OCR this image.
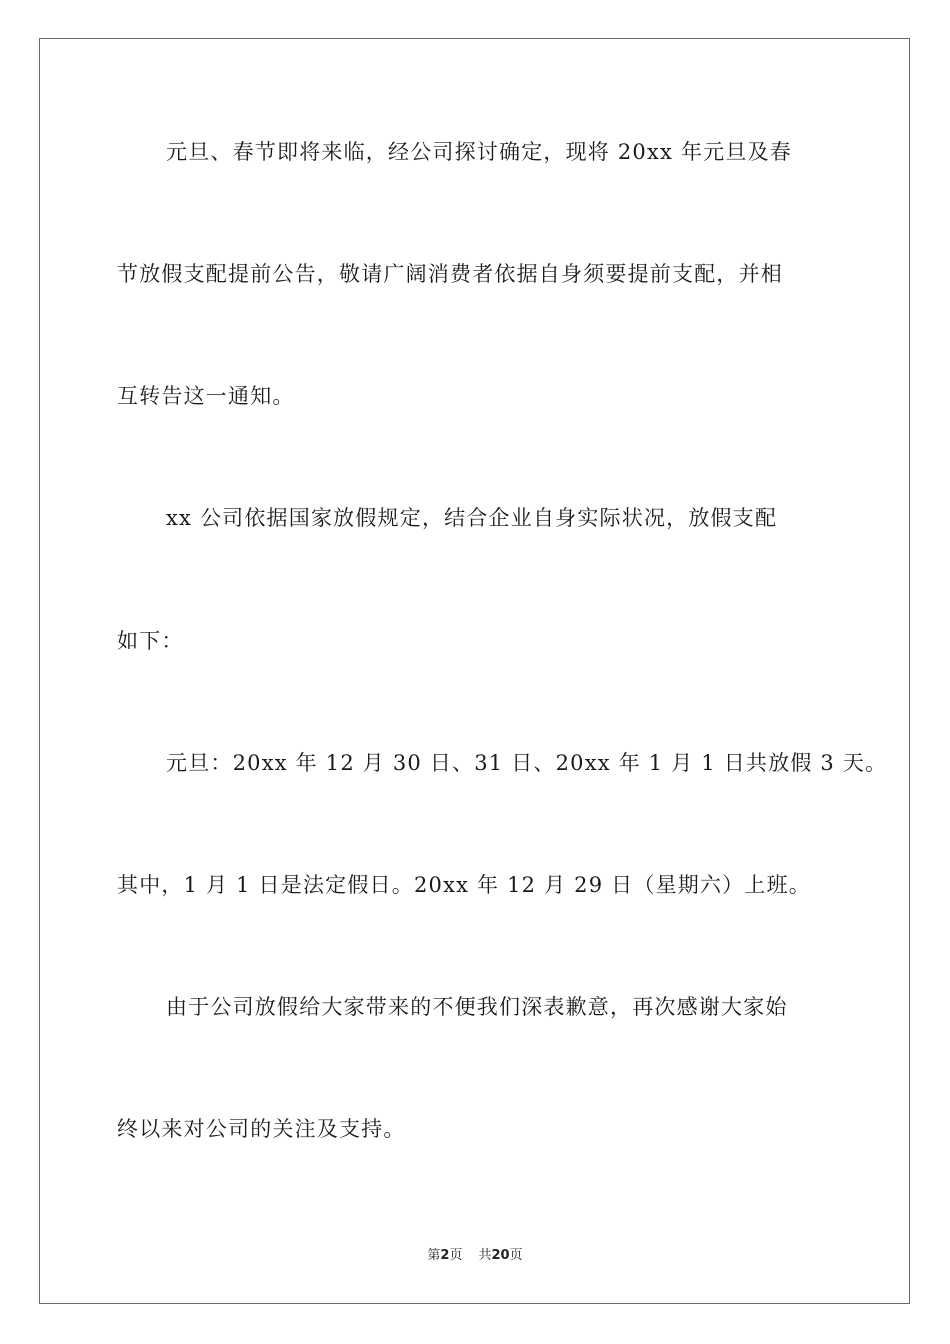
元旦、春节即将来临，经公司探讨确定，现将 20xx 年元旦及春
节放假支配提前公告，敬请广阔消费者依据自身须要提前支配，并相
互转告这一通知。
xx 公司依据国家放假规定，结合企业自身实际状况，放假支配
如下：
元旦：20xx 年 12 月 30 日、31 日、20xx 年 1 月 1 日共放假 3 天。
其中，1 月 1 日是法定假日。20xx 年 12 月 29 日（星期六）上班。
由于公司放假给大家带来的不便我们深表歉意，再次感谢大家始
终以来对公司的关注及支持。
第2页 共20页
